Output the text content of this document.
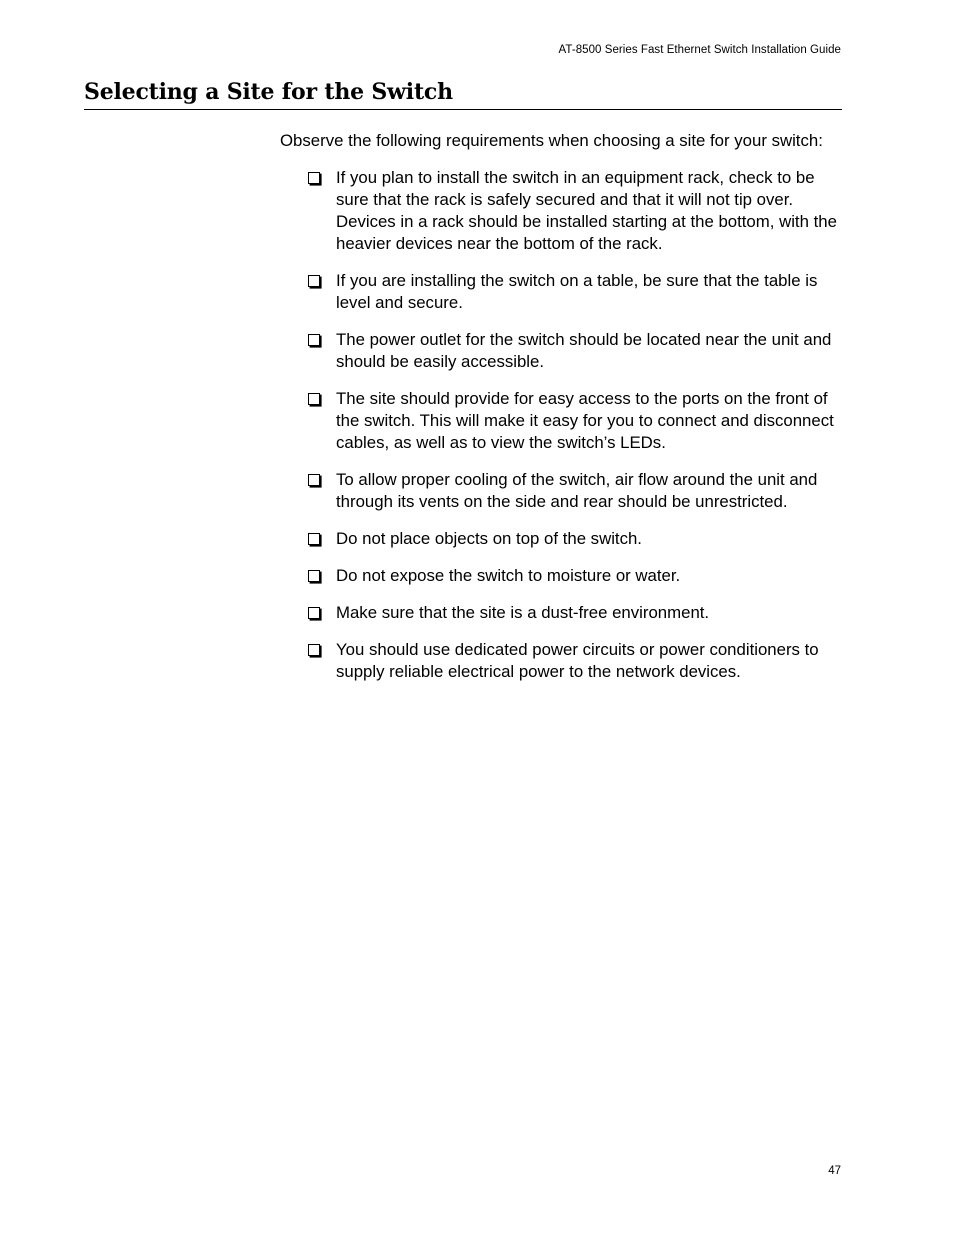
AT-8500 Series Fast Ethernet Switch Installation Guide
Selecting a Site for the Switch

Observe the following requirements when choosing a site for your switch:

If you plan to install the switch in an equipment rack, check to be sure that the rack is safely secured and that it will not tip over. Devices in a rack should be installed starting at the bottom, with the heavier devices near the bottom of the rack.
If you are installing the switch on a table, be sure that the table is level and secure.
The power outlet for the switch should be located near the unit and should be easily accessible.
The site should provide for easy access to the ports on the front of the switch. This will make it easy for you to connect and disconnect cables, as well as to view the switch’s LEDs.
To allow proper cooling of the switch, air flow around the unit and through its vents on the side and rear should be unrestricted.
Do not place objects on top of the switch.
Do not expose the switch to moisture or water.
Make sure that the site is a dust-free environment.
You should use dedicated power circuits or power conditioners to supply reliable electrical power to the network devices.
47
